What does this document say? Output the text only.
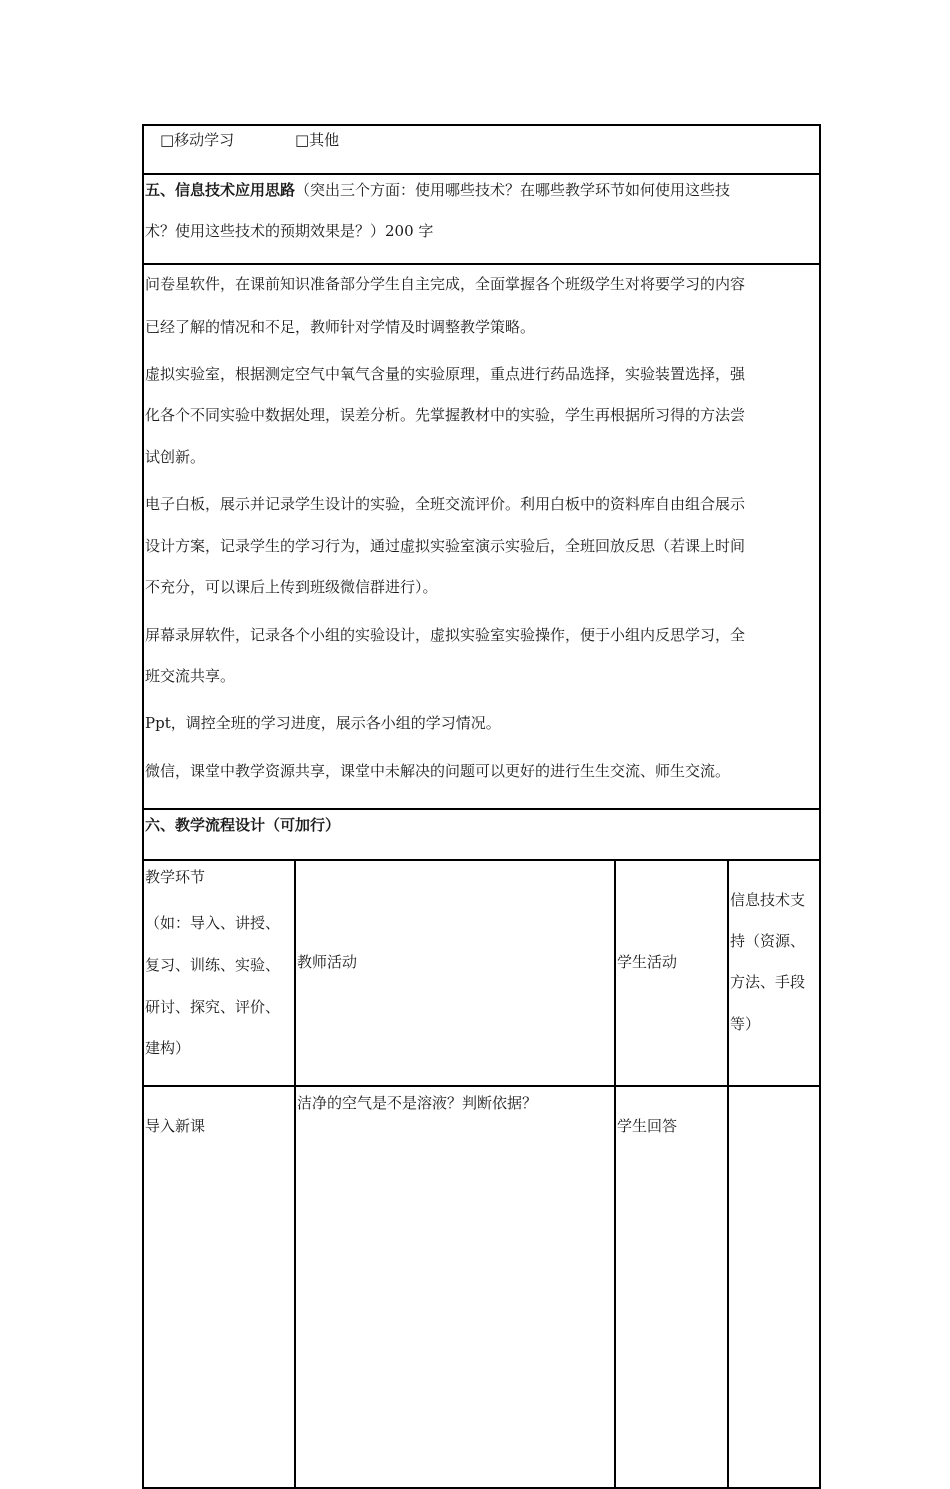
□移动学习	□其他
五、信息技术应用思路（突出三个方面：使用哪些技术？在哪些教学环节如何使用这些技
术？使用这些技术的预期效果是？）200 字
问卷星软件，在课前知识准备部分学生自主完成，全面掌握各个班级学生对将要学习的内容
已经了解的情况和不足，教师针对学情及时调整教学策略。
虚拟实验室，根据测定空气中氧气含量的实验原理，重点进行药品选择，实验装置选择，强
化各个不同实验中数据处理，误差分析。先掌握教材中的实验，学生再根据所习得的方法尝
试创新。
电子白板，展示并记录学生设计的实验，全班交流评价。利用白板中的资料库自由组合展示
设计方案，记录学生的学习行为，通过虚拟实验室演示实验后，全班回放反思（若课上时间
不充分，可以课后上传到班级微信群进行）。
屏幕录屏软件，记录各个小组的实验设计，虚拟实验室实验操作，便于小组内反思学习，全
班交流共享。
Ppt，调控全班的学习进度，展示各小组的学习情况。
微信，课堂中教学资源共享，课堂中未解决的问题可以更好的进行生生交流、师生交流。
六、教学流程设计（可加行）
教学环节
（如：导入、讲授、
复习、训练、实验、
研讨、探究、评价、
建构）
教师活动	学生活动
信息技术支
持（资源、
方法、手段
等）
导入新课
洁净的空气是不是溶液？判断依据？
学生回答
